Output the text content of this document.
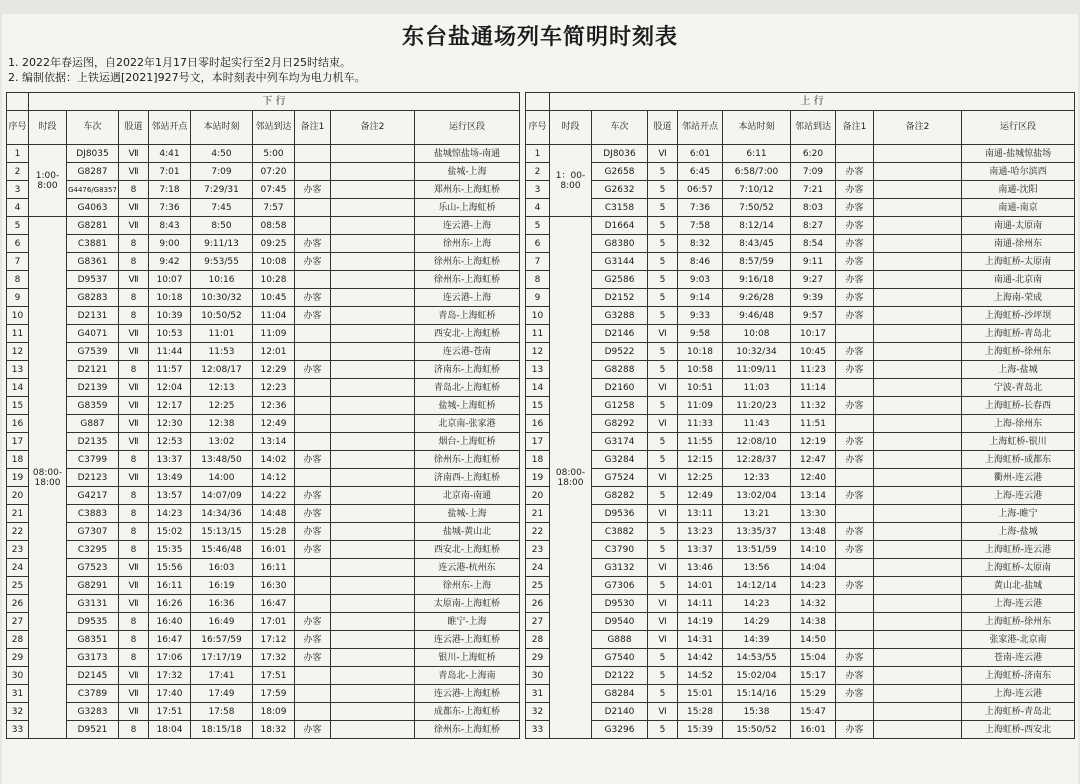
东台盐通场列车简明时刻表
1. 2022年春运图，自2022年1月17日零时起实行至2月日25时结束。
2. 编制依据：上铁运遇[2021]927号文，本时刻表中列车均为电力机车。
	下 行								
序号	时段	车次	股道	邻站开点	本站时刻	邻站到达	备注1	备注2	运行区段
1	1:00-8:00	DJ8035	Ⅶ	4:41	4:50	5:00			盐城惊盐场-南通
2		G8287	Ⅶ	7:01	7:09	07:20			盐城-上海
3		G4476/G8357	8	7:18	7:29/31	07:45	办客		郑州东-上海虹桥
4		G4063	Ⅶ	7:36	7:45	7:57			乐山-上海虹桥
5	08:00-18:00	G8281	Ⅶ	8:43	8:50	08:58			连云港-上海
6		C3881	8	9:00	9:11/13	09:25	办客		徐州东-上海
7		G8361	8	9:42	9:53/55	10:08	办客		徐州东-上海虹桥
8		D9537	Ⅶ	10:07	10:16	10:28			徐州东-上海虹桥
9		G8283	8	10:18	10:30/32	10:45	办客		连云港-上海
10		D2131	8	10:39	10:50/52	11:04	办客		青岛-上海虹桥
11		G4071	Ⅶ	10:53	11:01	11:09			西安北-上海虹桥
12		G7539	Ⅶ	11:44	11:53	12:01			连云港-苍南
13		D2121	8	11:57	12:08/17	12:29	办客		济南东-上海虹桥
14		D2139	Ⅶ	12:04	12:13	12:23			青岛北-上海虹桥
15		G8359	Ⅶ	12:17	12:25	12:36			盐城-上海虹桥
16		G887	Ⅶ	12:30	12:38	12:49			北京南-张家港
17		D2135	Ⅶ	12:53	13:02	13:14			烟台-上海虹桥
18		C3799	8	13:37	13:48/50	14:02	办客		徐州东-上海虹桥
19		D2123	Ⅶ	13:49	14:00	14:12			济南西-上海虹桥
20		G4217	8	13:57	14:07/09	14:22	办客		北京南-南通
21		C3883	8	14:23	14:34/36	14:48	办客		盐城-上海
22		G7307	8	15:02	15:13/15	15:28	办客		盐城-黄山北
23		C3295	8	15:35	15:46/48	16:01	办客		西安北-上海虹桥
24		G7523	Ⅶ	15:56	16:03	16:11			连云港-杭州东
25		G8291	Ⅶ	16:11	16:19	16:30			徐州东-上海
26		G3131	Ⅶ	16:26	16:36	16:47			太原南-上海虹桥
27		D9535	8	16:40	16:49	17:01	办客		睢宁-上海
28		G8351	8	16:47	16:57/59	17:12	办客		连云港-上海虹桥
29		G3173	8	17:06	17:17/19	17:32	办客		银川-上海虹桥
30		D2145	Ⅶ	17:32	17:41	17:51			青岛北-上海南
31		C3789	Ⅶ	17:40	17:49	17:59			连云港-上海虹桥
32		G3283	Ⅶ	17:51	17:58	18:09			成都东-上海虹桥
33		D9521	8	18:04	18:15/18	18:32	办客		徐州东-上海虹桥
	上 行								
序号	时段	车次	股道	邻站开点	本站时刻	邻站到达	备注1	备注2	运行区段
1	1：00-8:00	DJ8036	Ⅵ	6:01	6:11	6:20			南通-盐城惊盐场
2		G2658	5	6:45	6:58/7:00	7:09	办客		南通-哈尔滨西
3		G2632	5	06:57	7:10/12	7:21	办客		南通-沈阳
4		C3158	5	7:36	7:50/52	8:03	办客		南通-南京
5	08:00-18:00	D1664	5	7:58	8:12/14	8:27	办客		南通-太原南
6		G8380	5	8:32	8:43/45	8:54	办客		南通-徐州东
7		G3144	5	8:46	8:57/59	9:11	办客		上海虹桥-太原南
8		G2586	5	9:03	9:16/18	9:27	办客		南通-北京南
9		D2152	5	9:14	9:26/28	9:39	办客		上海南-荣成
10		G3288	5	9:33	9:46/48	9:57	办客		上海虹桥-沙坪坝
11		D2146	Ⅵ	9:58	10:08	10:17			上海虹桥-青岛北
12		D9522	5	10:18	10:32/34	10:45	办客		上海虹桥-徐州东
13		G8288	5	10:58	11:09/11	11:23	办客		上海-盐城
14		D2160	Ⅵ	10:51	11:03	11:14			宁波-青岛北
15		G1258	5	11:09	11:20/23	11:32	办客		上海虹桥-长春西
16		G8292	Ⅵ	11:33	11:43	11:51			上海-徐州东
17		G3174	5	11:55	12:08/10	12:19	办客		上海虹桥-银川
18		G3284	5	12:15	12:28/37	12:47	办客		上海虹桥-成都东
19		G7524	Ⅵ	12:25	12:33	12:40			衢州-连云港
20		G8282	5	12:49	13:02/04	13:14	办客		上海-连云港
21		D9536	Ⅵ	13:11	13:21	13:30			上海-睢宁
22		C3882	5	13:23	13:35/37	13:48	办客		上海-盐城
23		C3790	5	13:37	13:51/59	14:10	办客		上海虹桥-连云港
24		G3132	Ⅵ	13:46	13:56	14:04			上海虹桥-太原南
25		G7306	5	14:01	14:12/14	14:23	办客		黄山北-盐城
26		D9530	Ⅵ	14:11	14:23	14:32			上海-连云港
27		D9540	Ⅵ	14:19	14:29	14:38			上海虹桥-徐州东
28		G888	Ⅵ	14:31	14:39	14:50			张家港-北京南
29		G7540	5	14:42	14:53/55	15:04	办客		苍南-连云港
30		D2122	5	14:52	15:02/04	15:17	办客		上海虹桥-济南东
31		G8284	5	15:01	15:14/16	15:29	办客		上海-连云港
32		D2140	Ⅵ	15:28	15:38	15:47			上海虹桥-青岛北
33		G3296	5	15:39	15:50/52	16:01	办客		上海虹桥-西安北
